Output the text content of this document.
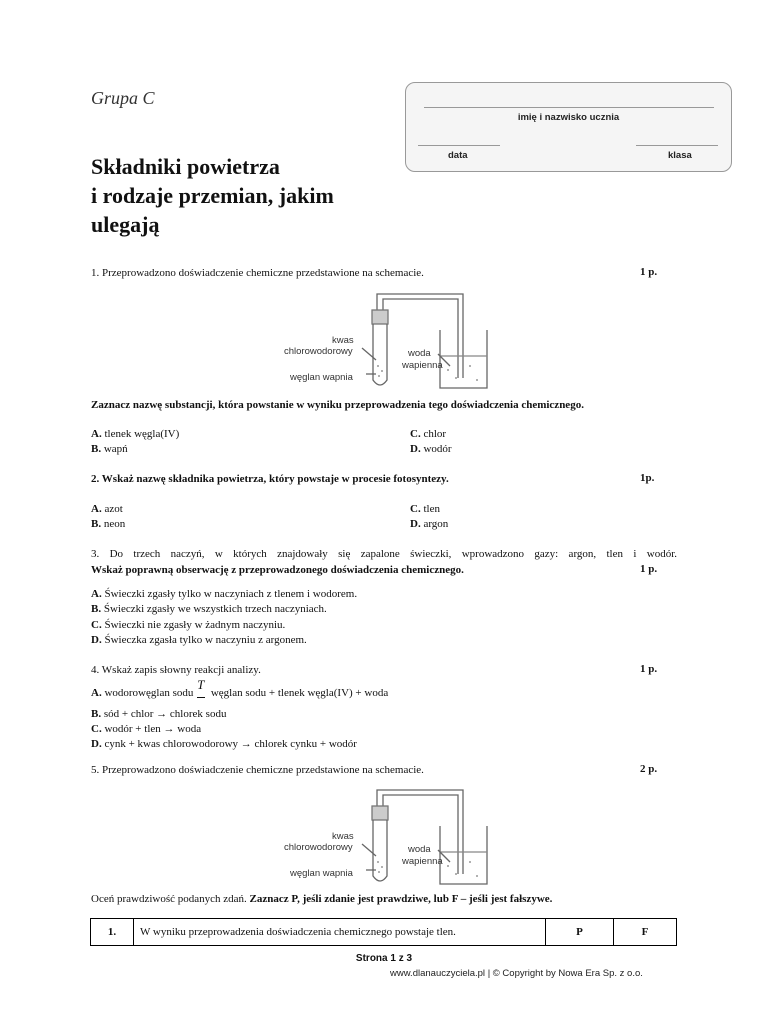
Grupa C
Składniki powietrza
i rodzaje przemian, jakim
ulegają
imię i nazwisko ucznia
data	klasa
1. Przeprowadzono doświadczenie chemiczne przedstawione na schemacie.	1 p.
kwas
chlorowodorowy
węglan wapnia
woda
wapienna
Zaznacz nazwę substancji, która powstanie w wyniku przeprowadzenia tego doświadczenia chemicznego.
A. tlenek węgla(IV)
B. wapń
C. chlor
D. wodór
2. Wskaż nazwę składnika powietrza, który powstaje w procesie fotosyntezy.	1p.
A. azot
B. neon
C. tlen
D. argon
3. Do trzech naczyń, w których znajdowały się zapalone świeczki, wprowadzono gazy: argon, tlen i wodór.
Wskaż poprawną obserwację z przeprowadzonego doświadczenia chemicznego.	1 p.
A. Świeczki zgasły tylko w naczyniach z tlenem i wodorem.
B. Świeczki zgasły we wszystkich trzech naczyniach.
C. Świeczki nie zgasły w żadnym naczyniu.
D. Świeczka zgasła tylko w naczyniu z argonem.
4. Wskaż zapis słowny reakcji analizy.	1 p.
A. wodorowęglan sodu
T
węglan sodu + tlenek węgla(IV) + woda
B. sód + chlor → chlorek sodu
C. wodór + tlen → woda
D. cynk + kwas chlorowodorowy → chlorek cynku + wodór
5. Przeprowadzono doświadczenie chemiczne przedstawione na schemacie.	2 p.
kwas
chlorowodorowy
węglan wapnia
woda
wapienna
Oceń prawdziwość podanych zdań. Zaznacz P, jeśli zdanie jest prawdziwe, lub F – jeśli jest fałszywe.
1.	W wyniku przeprowadzenia doświadczenia chemicznego powstaje tlen.	P	F
Strona 1 z 3
www.dlanauczyciela.pl | © Copyright by Nowa Era Sp. z o.o.
